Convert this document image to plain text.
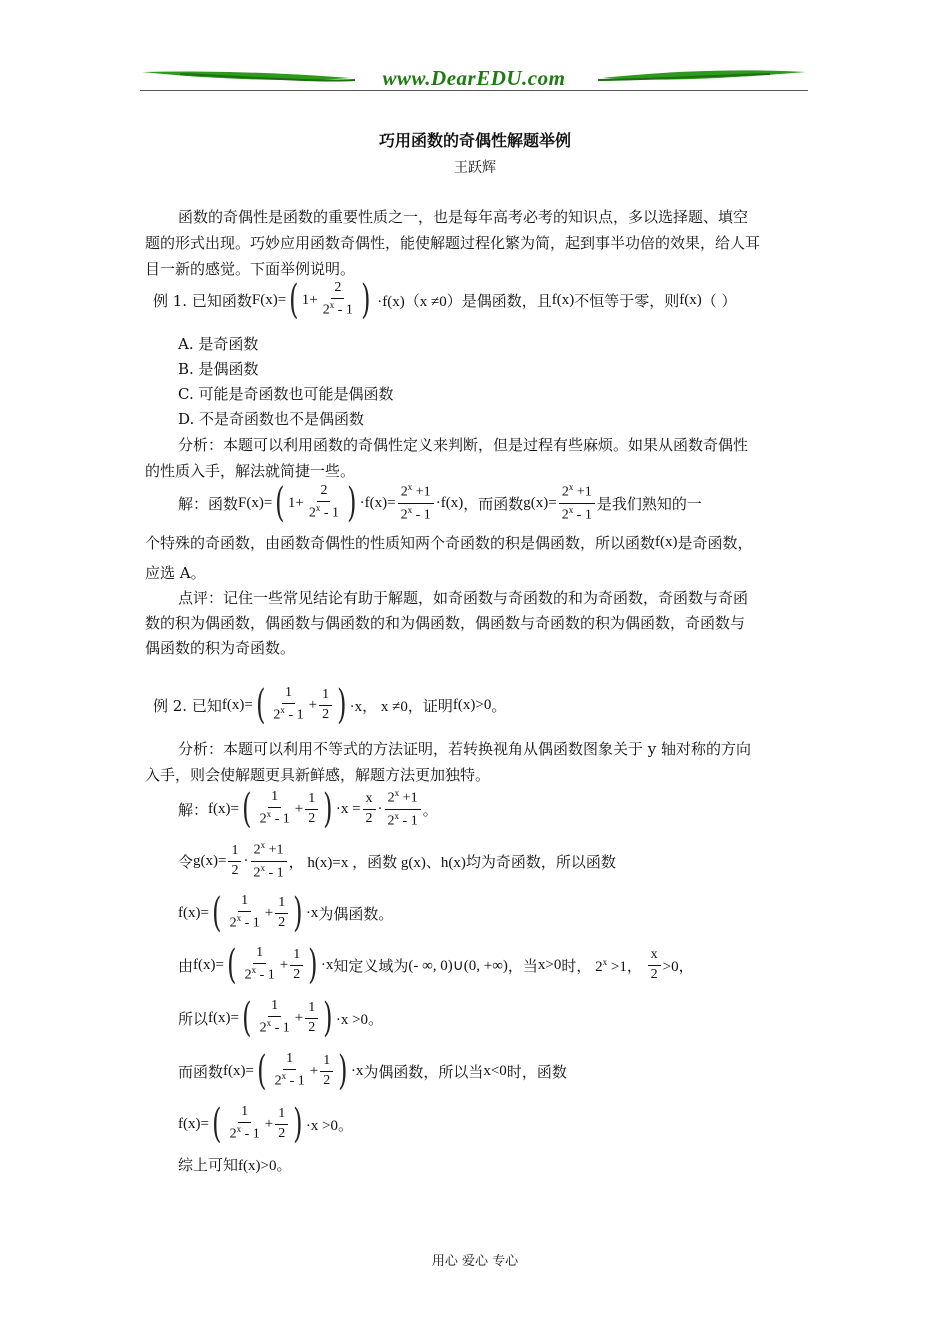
www.DearEDU.com
巧用函数的奇偶性解题举例
王跃辉
函数的奇偶性是函数的重要性质之一，也是每年高考必考的知识点，多以选择题、填空
题的形式出现。巧妙应用函数奇偶性，能使解题过程化繁为简，起到事半功倍的效果，给人耳
目一新的感觉。下面举例说明。
例 1. 已知函数 F(x)= ( $1+ \frac{2}{2^x - 1}$ ) ·f(x)（x ≠0） 是偶函数，且 f(x) 不恒等于零，则 f(x) （ ）
A. 是奇函数
B. 是偶函数
C. 可能是奇函数也可能是偶函数
D. 不是奇函数也不是偶函数
分析：本题可以利用函数的奇偶性定义来判断，但是过程有些麻烦。如果从函数奇偶性
的性质入手，解法就简捷一些。
解：函数 F(x)= ( $1+ \frac{2}{2^x - 1}$ ) $\cdot f(x)= \frac{2^x +1}{2^x - 1} \cdot f(x)$ ，而函数 $g(x)= \frac{2^x +1}{2^x - 1}$ 是我们熟知的一
个特殊的奇函数，由函数奇偶性的性质知两个奇函数的积是偶函数，所以函数 f(x) 是奇函数，
应选 A。
点评：记住一些常见结论有助于解题，如奇函数与奇函数的和为奇函数，奇函数与奇函
数的积为偶函数，偶函数与偶函数的和为偶函数，偶函数与奇函数的积为偶函数，奇函数与
偶函数的积为奇函数。
例 2. 已知 f(x)= ( $\frac{1}{2^x - 1} + \frac{1}{2}$ ) ·x， x ≠0 ，证明 f(x)>0 。
分析：本题可以利用不等式的方法证明，若转换视角从偶函数图象关于 y 轴对称的方向
入手，则会使解题更具新鲜感，解题方法更加独特。
解： f(x)= ( $\frac{1}{2^x - 1} + \frac{1}{2}$ ) $\cdot x = \frac{x}{2} \cdot \frac{2^x +1}{2^x - 1}$ 。
令 $g(x)= \frac{1}{2} \cdot \frac{2^x +1}{2^x - 1}$ ， h(x)=x ，函数 g(x)、h(x) 均为奇函数，所以函数
f(x)= ( $\frac{1}{2^x - 1} + \frac{1}{2}$ ) ·x 为偶函数。
由 f(x)= ( $\frac{1}{2^x - 1} + \frac{1}{2}$ ) ·x 知定义域为 (- ∞, 0)∪(0, +∞) ，当 x>0 时， $2^x >1$， $\frac{x}{2} >0$，
所以 f(x)= ( $\frac{1}{2^x - 1} + \frac{1}{2}$ ) ·x >0。
而函数 f(x)= ( $\frac{1}{2^x - 1} + \frac{1}{2}$ ) ·x 为偶函数，所以当 x<0 时，函数
f(x)= ( $\frac{1}{2^x - 1} + \frac{1}{2}$ ) ·x >0。
综上可知 f(x)>0。
用心 爱心 专心
